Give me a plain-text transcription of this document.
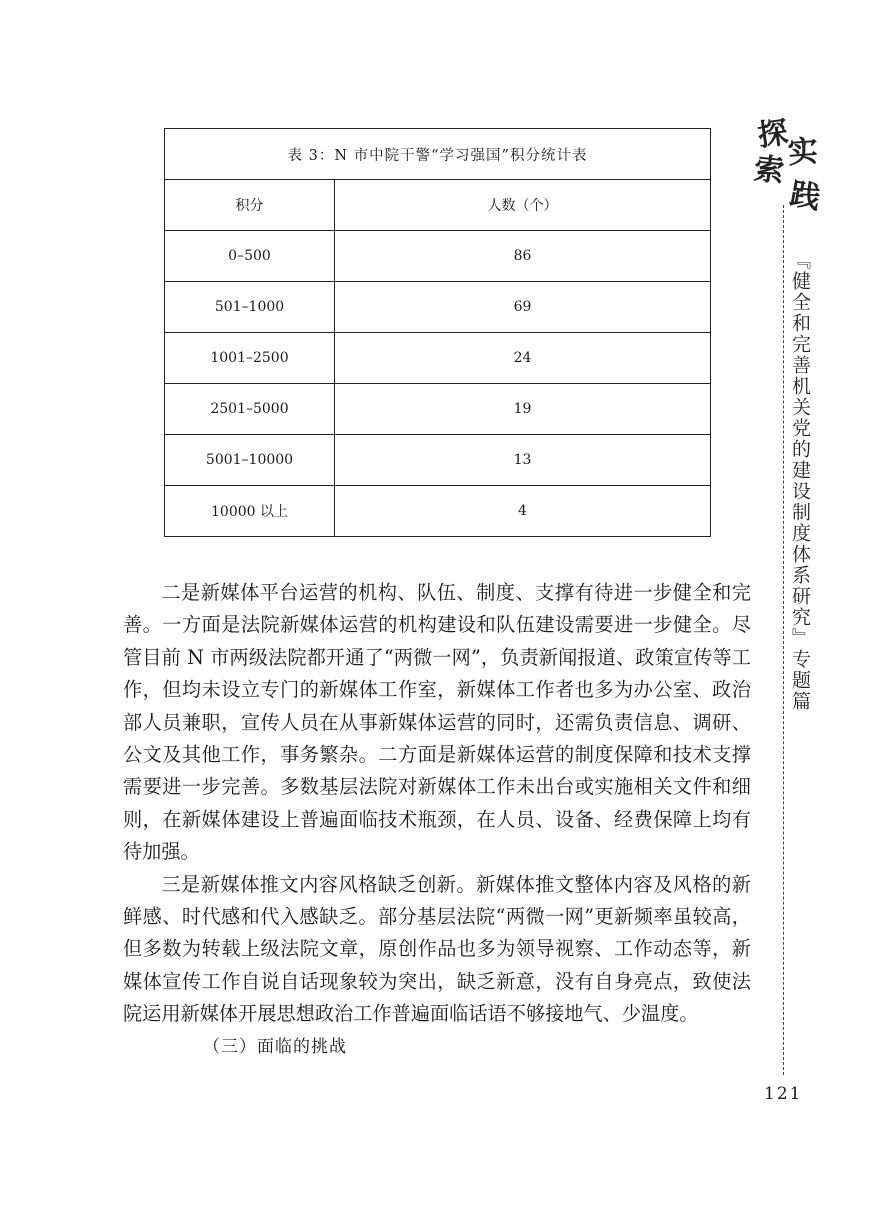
表 3：N 市中院干警“学习强国”积分统计表	
积分	人数（个）
0–500	86
501–1000	69
1001–2500	24
2501–5000	19
5001–10000	13
10000 以上	4

二是新媒体平台运营的机构、队伍、制度、支撑有待进一步健全和完善。一方面是法院新媒体运营的机构建设和队伍建设需要进一步健全。尽管目前 N 市两级法院都开通了“两微一网”，负责新闻报道、政策宣传等工作，但均未设立专门的新媒体工作室，新媒体工作者也多为办公室、政治部人员兼职，宣传人员在从事新媒体运营的同时，还需负责信息、调研、公文及其他工作，事务繁杂。二方面是新媒体运营的制度保障和技术支撑需要进一步完善。多数基层法院对新媒体工作未出台或实施相关文件和细则，在新媒体建设上普遍面临技术瓶颈，在人员、设备、经费保障上均有待加强。

三是新媒体推文内容风格缺乏创新。新媒体推文整体内容及风格的新鲜感、时代感和代入感缺乏。部分基层法院“两微一网”更新频率虽较高，但多数为转载上级法院文章，原创作品也多为领导视察、工作动态等，新媒体宣传工作自说自话现象较为突出，缺乏新意，没有自身亮点，致使法院运用新媒体开展思想政治工作普遍面临话语不够接地气、少温度。

（三）面临的挑战

探
索 实
践
『健全和完善机关党的建设制度体系研究』专题篇
121
